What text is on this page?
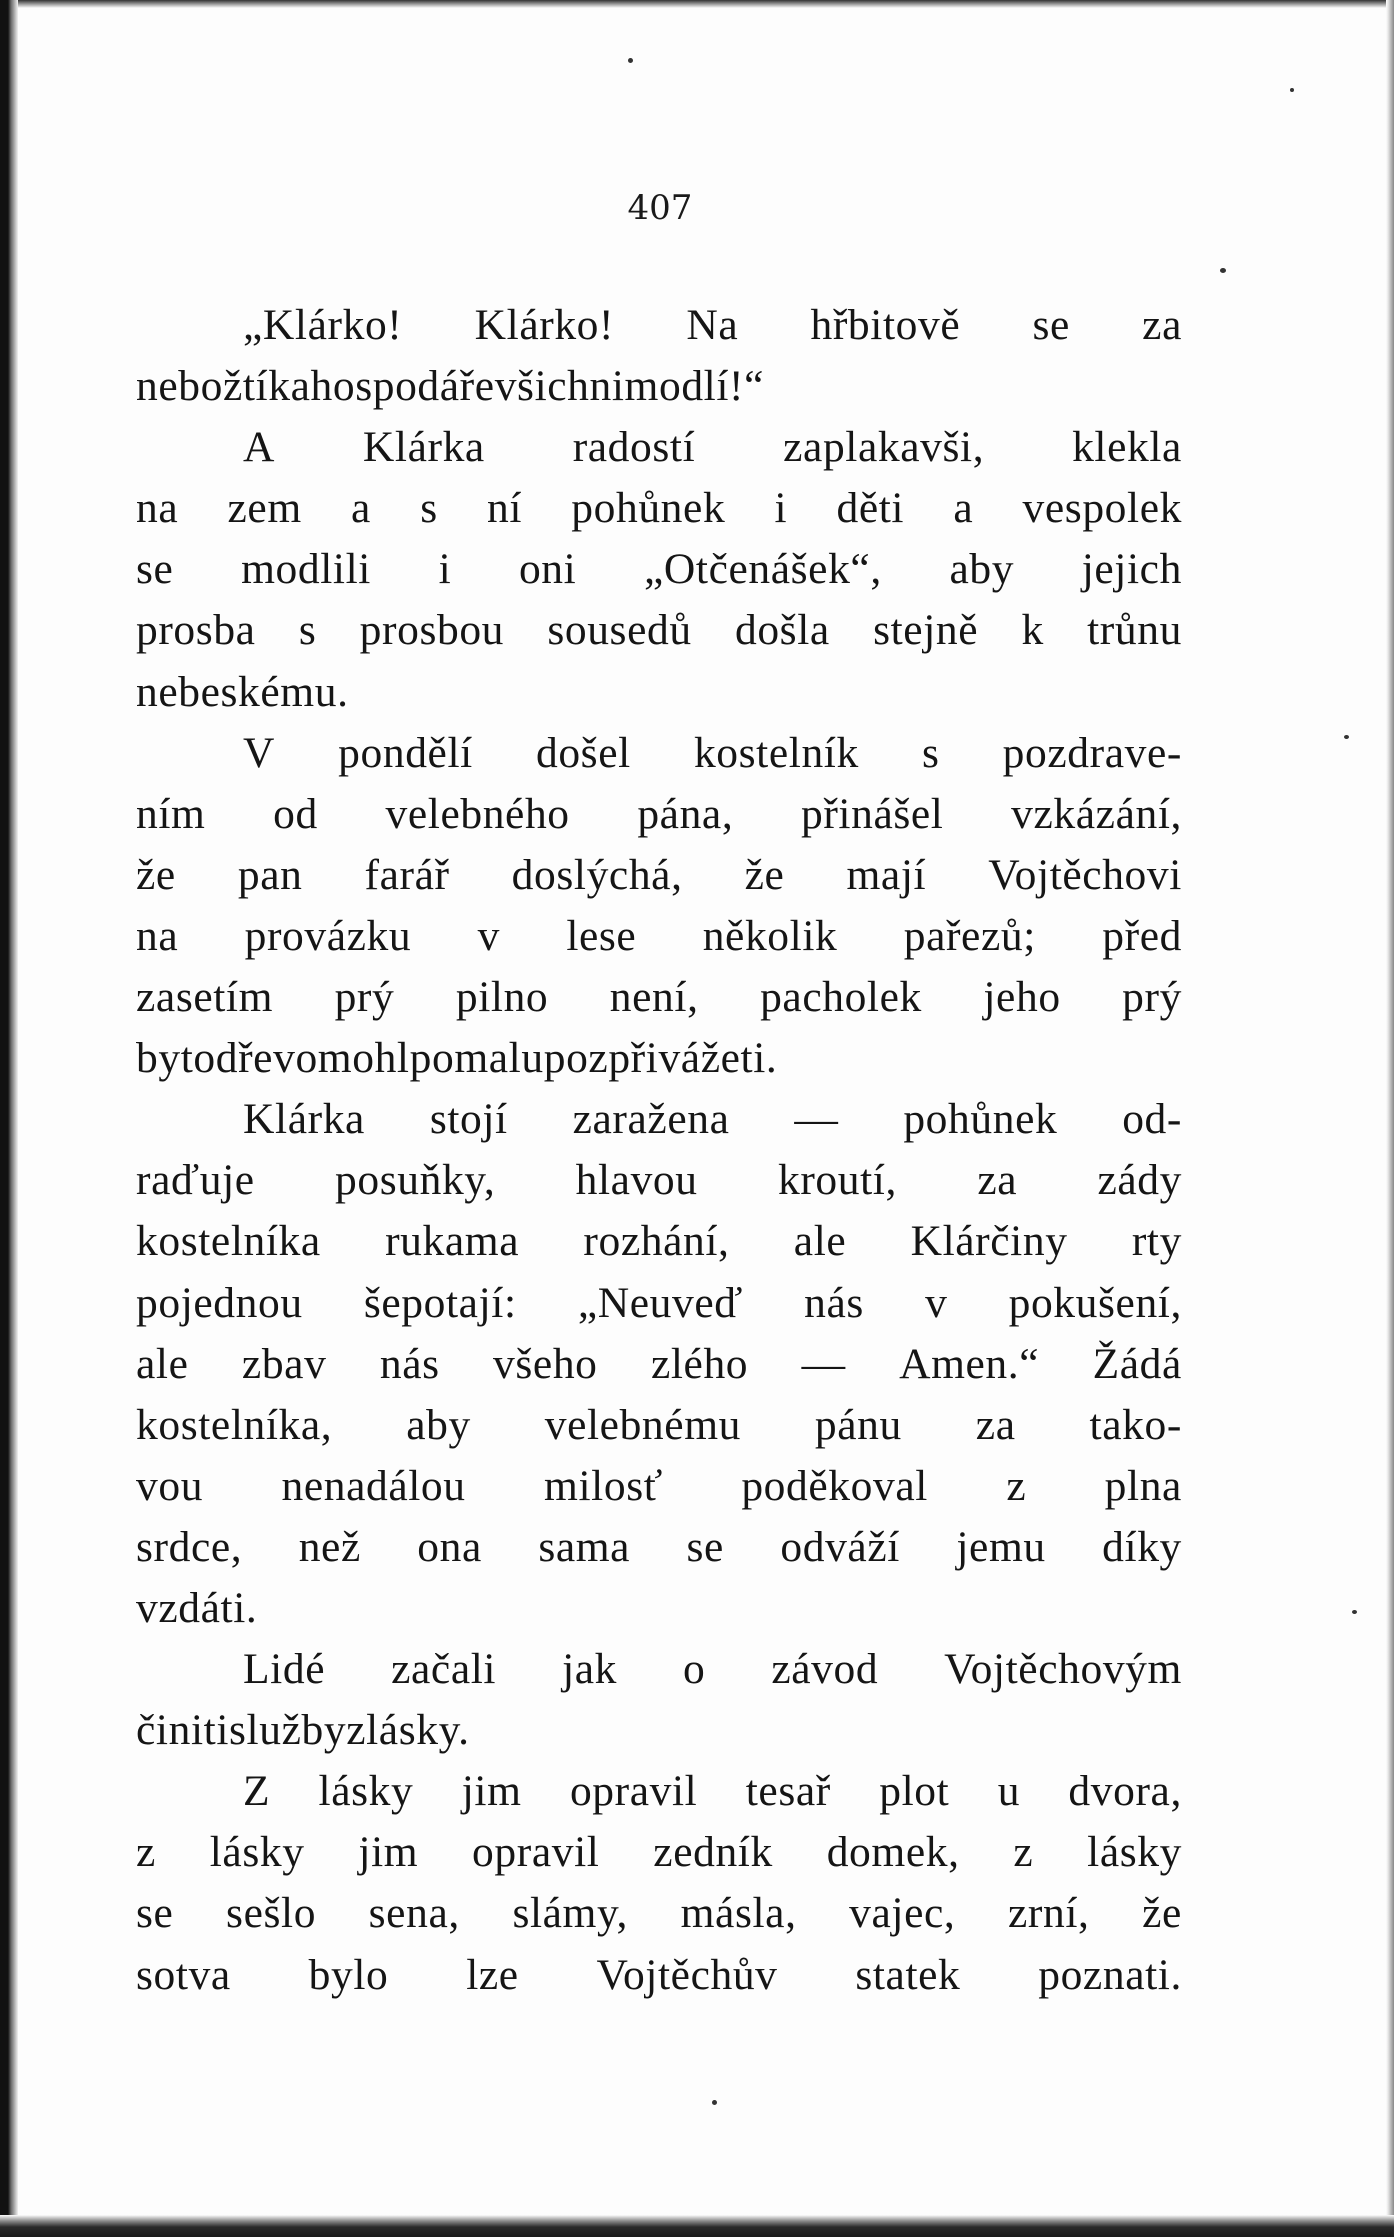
407
„Klárko! Klárko! Na hřbitově se za
nebožtíka hospodáře všichni modlí!“
A Klárka radostí zaplakavši, klekla
na zem a s ní pohůnek i děti a vespolek
se modlili i oni „Otčenášek“, aby jejich
prosba s prosbou sousedů došla stejně k trůnu
nebeskému.
V pondělí došel kostelník s pozdrave-
ním od velebného pána, přinášel vzkázání,
že pan farář doslýchá, že mají Vojtěchovi
na provázku v lese několik pařezů; před
zasetím prý pilno není, pacholek jeho prý
by to dřevo mohl pomalu pozpřivážeti.
Klárka stojí zaražena — pohůnek od-
raďuje posuňky, hlavou kroutí, za zády
kostelníka rukama rozhání, ale Klárčiny rty
pojednou šepotají: „Neuveď nás v pokušení,
ale zbav nás všeho zlého — Amen.“ Žádá
kostelníka, aby velebnému pánu za tako-
vou nenadálou milosť poděkoval z plna
srdce, než ona sama se odváží jemu díky
vzdáti.
Lidé začali jak o závod Vojtěchovým
činiti služby z lásky.
Z lásky jim opravil tesař plot u dvora,
z lásky jim opravil zedník domek, z lásky
se sešlo sena, slámy, másla, vajec, zrní, že
sotva bylo lze Vojtěchův statek poznati.
